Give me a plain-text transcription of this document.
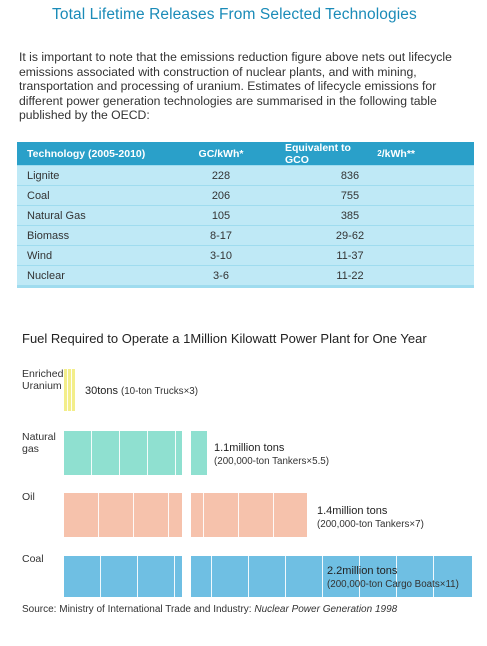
Total Lifetime Releases From Selected Technologies
It is important to note that the emissions reduction figure above nets out lifecycle emissions associated with construction of nuclear plants, and with mining, transportation and processing of uranium. Estimates of lifecycle emissions for different power generation technologies are summarised in the following table published by the OECD:
Technology (2005-2010)	GC/kWh*	Equivalent to GCO	2 /kWh**
Lignite	228	836
Coal	206	755
Natural Gas	105	385
Biomass	8-17	29-62
Wind	3-10	11-37
Nuclear	3-6	11-22
Fuel Required to Operate a 1Million Kilowatt Power Plant for One Year
Enriched Uranium	30tons (10-ton Trucks×3)
Natural gas	1.1million tons
(200,000-ton Tankers×5.5)
Oil
1.4million tons
(200,000-ton Tankers×7)
Coal
2.2million tons
(200,000-ton Cargo Boats×11)
Source: Ministry of International Trade and Industry: Nuclear Power Generation 1998
